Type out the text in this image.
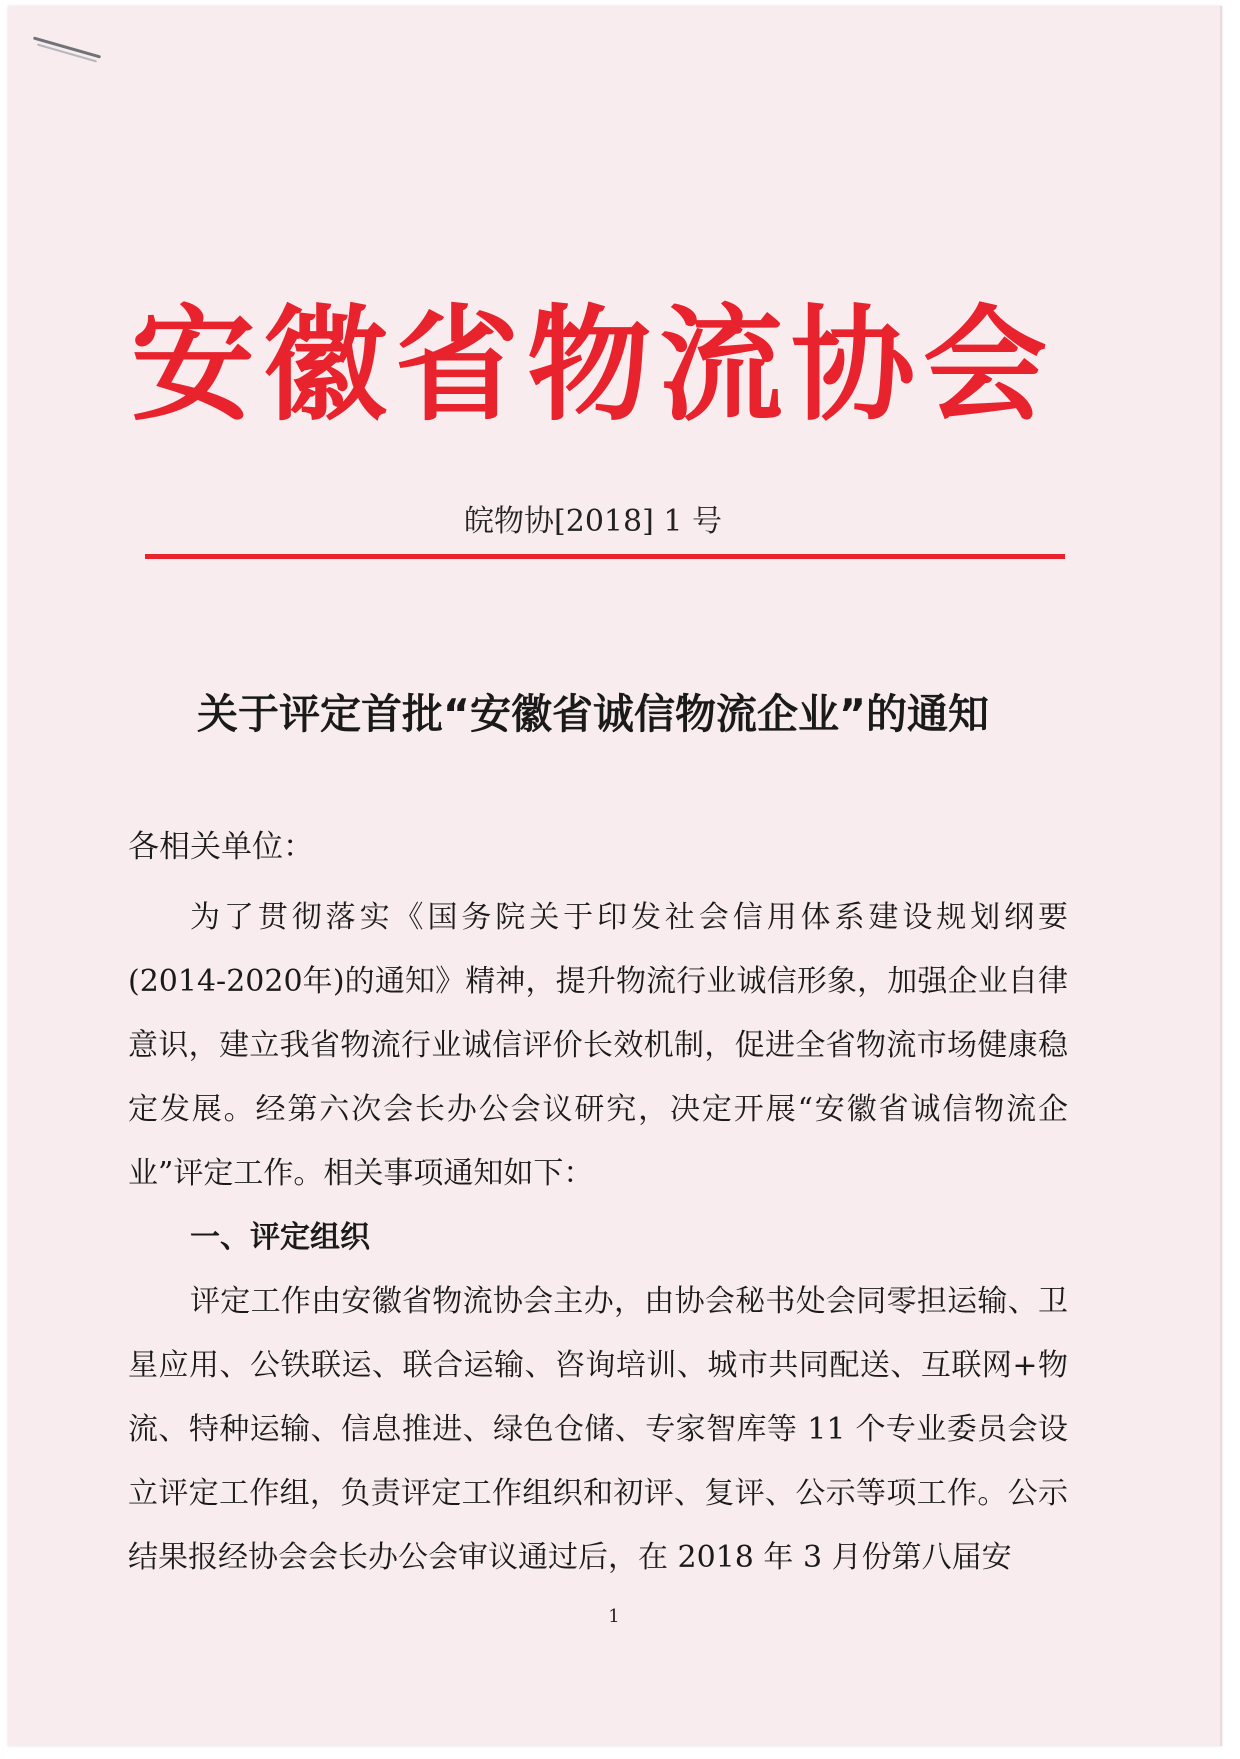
安徽省物流协会
皖物协[2018] 1 号
关于评定首批“安徽省诚信物流企业”的通知
各相关单位：

为了贯彻落实《国务院关于印发社会信用体系建设规划纲要(2014-2020年)的通知》精神，提升物流行业诚信形象，加强企业自律意识，建立我省物流行业诚信评价长效机制，促进全省物流市场健康稳定发展。经第六次会长办公会议研究，决定开展“安徽省诚信物流企业”评定工作。相关事项通知如下：

一、评定组织

评定工作由安徽省物流协会主办，由协会秘书处会同零担运输、卫星应用、公铁联运、联合运输、咨询培训、城市共同配送、互联网+物流、特种运输、信息推进、绿色仓储、专家智库等 11 个专业委员会设立评定工作组，负责评定工作组织和初评、复评、公示等项工作。公示结果报经协会会长办公会审议通过后，在 2018 年 3 月份第八届安

1
